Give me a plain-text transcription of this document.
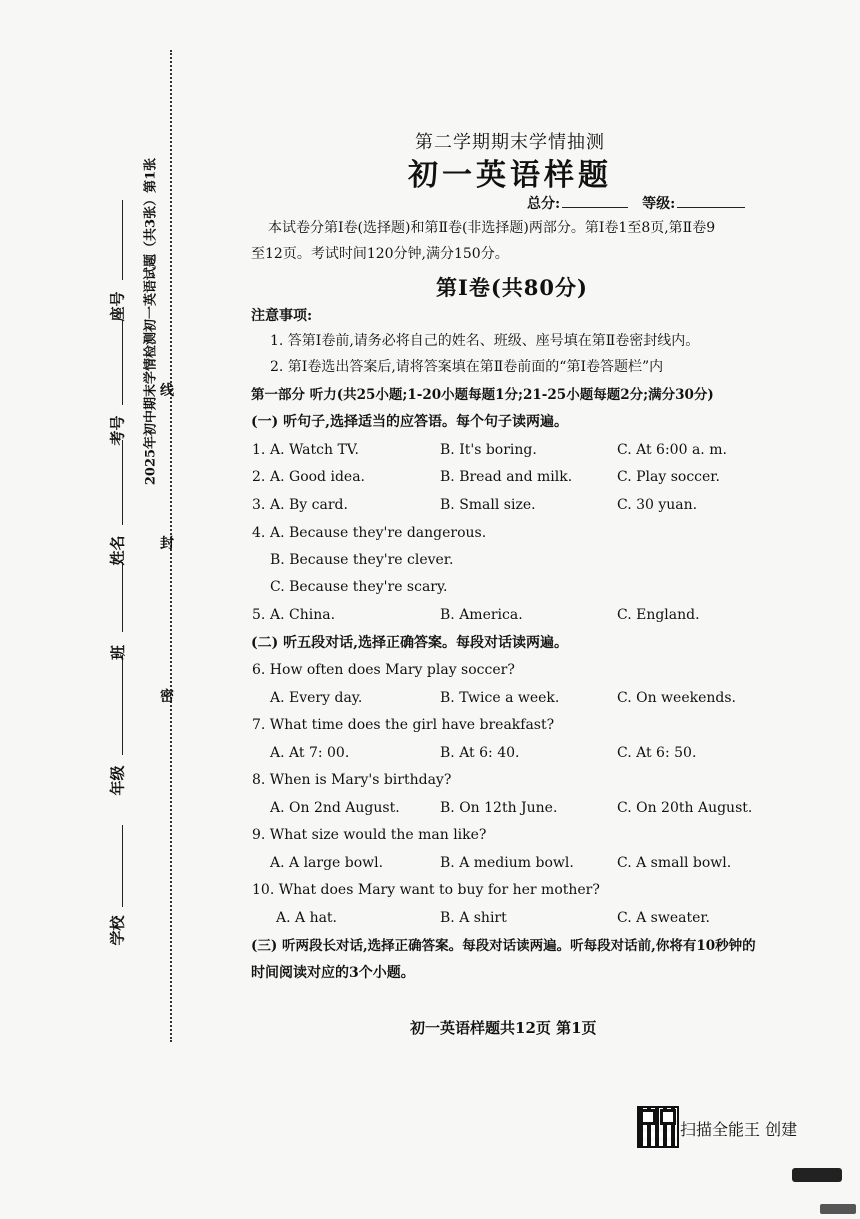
线
封
密
2025年初中期末学情检测初一英语试题（共3张）第1张
学校
年级
班
姓名
考号
座号
第二学期期末学情抽测
初一英语样题
总分:	等级:
本试卷分第Ⅰ卷(选择题)和第Ⅱ卷(非选择题)两部分。第Ⅰ卷1至8页,第Ⅱ卷9
至12页。考试时间120分钟,满分150分。
第Ⅰ卷(共80分)
注意事项:
1. 答第Ⅰ卷前,请务必将自己的姓名、班级、座号填在第Ⅱ卷密封线内。
2. 第Ⅰ卷选出答案后,请将答案填在第Ⅱ卷前面的“第Ⅰ卷答题栏”内
第一部分 听力(共25小题;1-20小题每题1分;21-25小题每题2分;满分30分)
(一) 听句子,选择适当的应答语。每个句子读两遍。
1. A. Watch TV.	B. It's boring.	C. At 6:00 a. m.
2. A. Good idea.	B. Bread and milk.	C. Play soccer.
3. A. By card.	B. Small size.	C. 30 yuan.
4. A. Because they're dangerous.
B. Because they're clever.
C. Because they're scary.
5. A. China.	B. America.	C. England.
(二) 听五段对话,选择正确答案。每段对话读两遍。
6. How often does Mary play soccer?
A. Every day.	B. Twice a week.	C. On weekends.
7. What time does the girl have breakfast?
A. At 7: 00.	B. At 6: 40.	C. At 6: 50.
8. When is Mary's birthday?
A. On 2nd August.	B. On 12th June.	C. On 20th August.
9. What size would the man like?
A. A large bowl.	B. A medium bowl.	C. A small bowl.
10. What does Mary want to buy for her mother?
A. A hat.	B. A shirt	C. A sweater.
(三) 听两段长对话,选择正确答案。每段对话读两遍。听每段对话前,你将有10秒钟的
时间阅读对应的3个小题。
初一英语样题共12页 第1页
扫描全能王 创建
